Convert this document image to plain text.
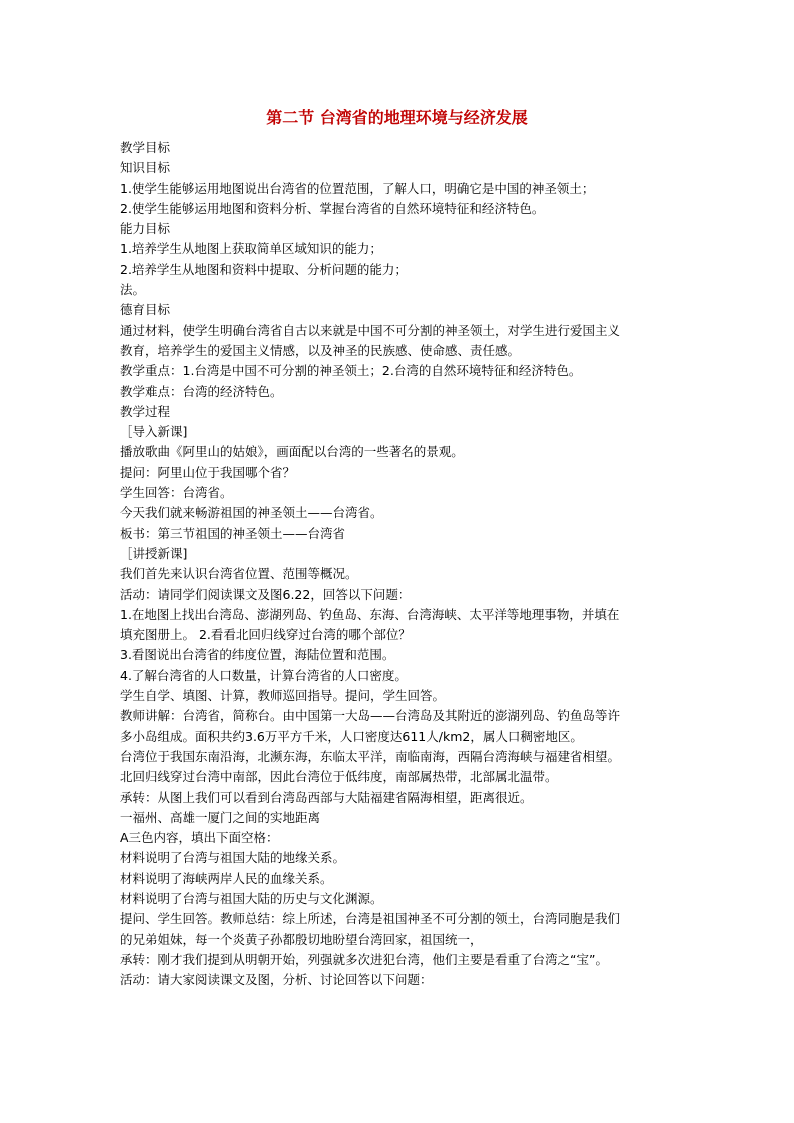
第二节 台湾省的地理环境与经济发展
教学目标
知识目标
1.使学生能够运用地图说出台湾省的位置范围，了解人口，明确它是中国的神圣领土；
2.使学生能够运用地图和资料分析、掌握台湾省的自然环境特征和经济特色。
能力目标
1.培养学生从地图上获取简单区域知识的能力；
2.培养学生从地图和资料中提取、分析问题的能力；
法。
德育目标
通过材料，使学生明确台湾省自古以来就是中国不可分割的神圣领土，对学生进行爱国主义
教育，培养学生的爱国主义情感，以及神圣的民族感、使命感、责任感。
教学重点：1.台湾是中国不可分割的神圣领土；2.台湾的自然环境特征和经济特色。
教学难点：台湾的经济特色。
教学过程
［导入新课]
播放歌曲《阿里山的姑娘》，画面配以台湾的一些著名的景观。
提问：阿里山位于我国哪个省？
学生回答：台湾省。
今天我们就来畅游祖国的神圣领土——台湾省。
板书：第三节祖国的神圣领土——台湾省
［讲授新课]
我们首先来认识台湾省位置、范围等概况。
活动：请同学们阅读课文及图6.22，回答以下问题：
1.在地图上找出台湾岛、澎湖列岛、钓鱼岛、东海、台湾海峡、太平洋等地理事物，并填在
填充图册上。 2.看看北回归线穿过台湾的哪个部位？
3.看图说出台湾省的纬度位置，海陆位置和范围。
4.了解台湾省的人口数量，计算台湾省的人口密度。
学生自学、填图、计算，教师巡回指导。提问，学生回答。
教师讲解：台湾省，简称台。由中国第一大岛——台湾岛及其附近的澎湖列岛、钓鱼岛等许
多小岛组成。面积共约3.6万平方千米，人口密度达611人/km2，属人口稠密地区。
台湾位于我国东南沿海，北濒东海，东临太平洋，南临南海，西隔台湾海峡与福建省相望。
北回归线穿过台湾中南部，因此台湾位于低纬度，南部属热带，北部属北温带。
承转：从图上我们可以看到台湾岛西部与大陆福建省隔海相望，距离很近。
一福州、高雄一厦门之间的实地距离
A三色内容，填出下面空格：
材料说明了台湾与祖国大陆的地缘关系。
材料说明了海峡两岸人民的血缘关系。
材料说明了台湾与祖国大陆的历史与文化渊源。
提问、学生回答。教师总结：综上所述，台湾是祖国神圣不可分割的领土，台湾同胞是我们
的兄弟姐妹，每一个炎黄子孙都殷切地盼望台湾回家，祖国统一，
承转：刚才我们提到从明朝开始，列强就多次进犯台湾，他们主要是看重了台湾之“宝”。
活动：请大家阅读课文及图，分析、讨论回答以下问题：
